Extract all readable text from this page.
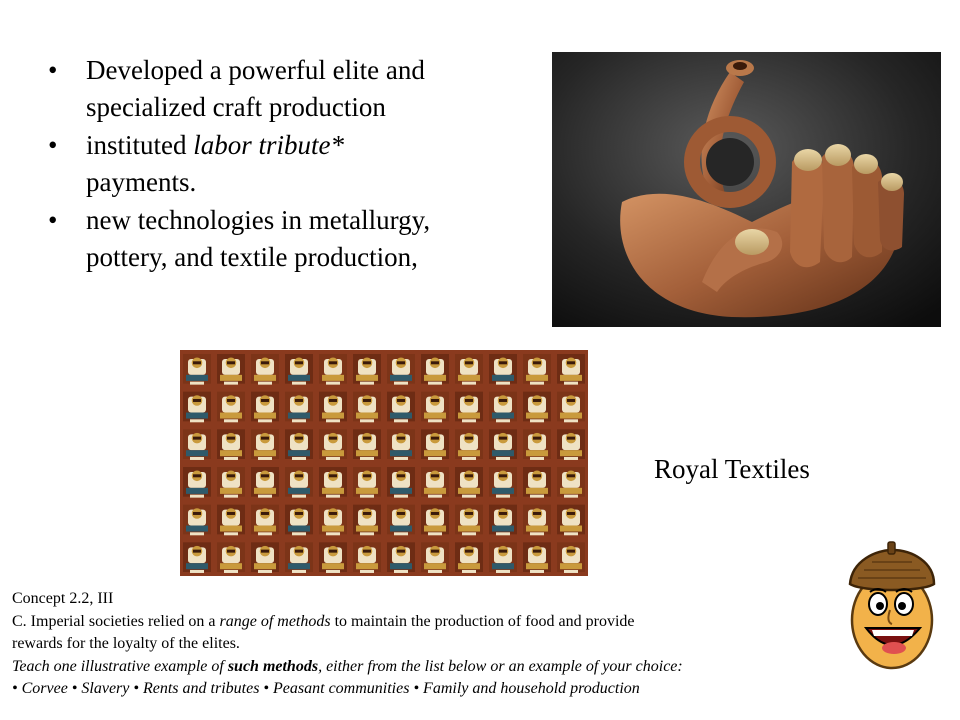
• Developed a powerful elite and
specialized craft production
• instituted labor tribute*
payments.
• new technologies in metallurgy,
pottery, and textile production,
Royal Textiles
Concept 2.2, III
C. Imperial societies relied on a range of methods to maintain the production of food and provide
rewards for the loyalty of the elites.
Teach one illustrative example of such methods, either from the list below or an example of your choice:
• Corvee • Slavery • Rents and tributes • Peasant communities • Family and household production
